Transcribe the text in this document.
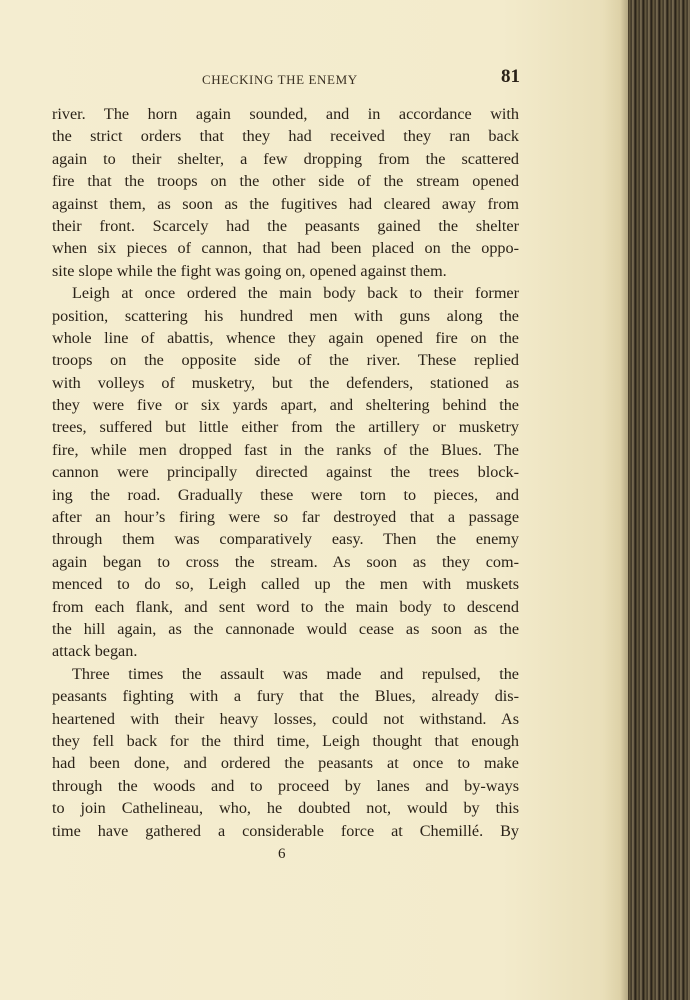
CHECKING THE ENEMY	81
river. The horn again sounded, and in accordance with
the strict orders that they had received they ran back
again to their shelter, a few dropping from the scattered
fire that the troops on the other side of the stream opened
against them, as soon as the fugitives had cleared away from
their front. Scarcely had the peasants gained the shelter
when six pieces of cannon, that had been placed on the oppo-
site slope while the fight was going on, opened against them.
Leigh at once ordered the main body back to their former
position, scattering his hundred men with guns along the
whole line of abattis, whence they again opened fire on the
troops on the opposite side of the river. These replied
with volleys of musketry, but the defenders, stationed as
they were five or six yards apart, and sheltering behind the
trees, suffered but little either from the artillery or musketry
fire, while men dropped fast in the ranks of the Blues. The
cannon were principally directed against the trees block-
ing the road. Gradually these were torn to pieces, and
after an hour’s firing were so far destroyed that a passage
through them was comparatively easy. Then the enemy
again began to cross the stream. As soon as they com-
menced to do so, Leigh called up the men with muskets
from each flank, and sent word to the main body to descend
the hill again, as the cannonade would cease as soon as the
attack began.
Three times the assault was made and repulsed, the
peasants fighting with a fury that the Blues, already dis-
heartened with their heavy losses, could not withstand. As
they fell back for the third time, Leigh thought that enough
had been done, and ordered the peasants at once to make
through the woods and to proceed by lanes and by-ways
to join Cathelineau, who, he doubted not, would by this
time have gathered a considerable force at Chemillé. By
6
